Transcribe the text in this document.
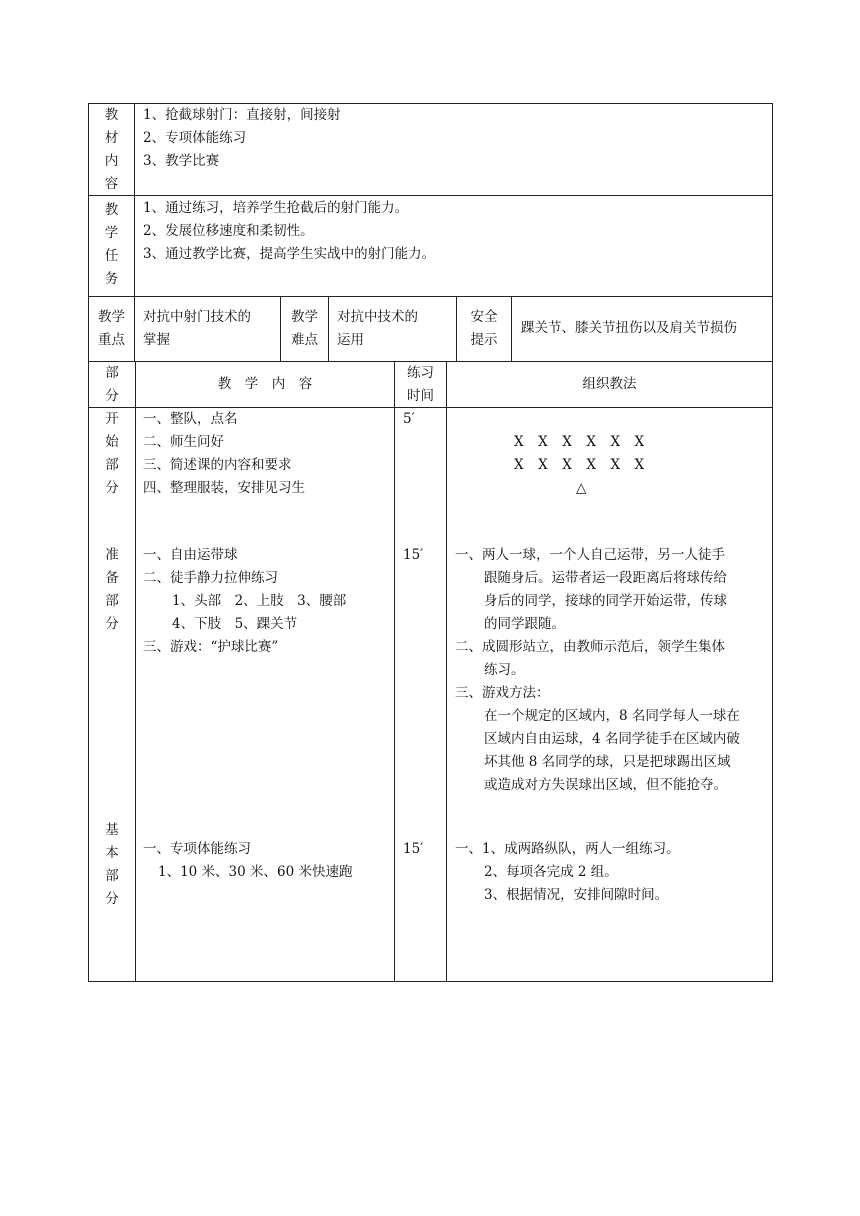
教
材
内
容
1、抢截球射门：直接射，间接射
2、专项体能练习
3、教学比赛
教
学
任
务
1、通过练习，培养学生抢截后的射门能力。
2、发展位移速度和柔韧性。
3、通过教学比赛，提高学生实战中的射门能力。
教学
重点
对抗中射门技术的
掌握
教学
难点
对抗中技术的
运用
安全
提示
踝关节、膝关节扭伤以及肩关节损伤
部
分
教　学　内　容
练习
时间
组织教法
开
始
部
分
一、整队，点名
二、师生问好
三、简述课的内容和要求
四、整理服装，安排见习生
5′
X　X　X　X　X　X
X　X　X　X　X　X
△
准
备
部
分
一、自由运带球
二、徒手静力拉伸练习
1、头部　2、上肢　3、腰部
4、下肢　5、踝关节
三、游戏：“护球比赛”
15′ 一、两人一球，一个人自己运带，另一人徒手
跟随身后。运带者运一段距离后将球传给
身后的同学，接球的同学开始运带，传球
的同学跟随。
二、成圆形站立，由教师示范后，领学生集体
练习。
三、游戏方法：
在一个规定的区域内，8 名同学每人一球在
区域内自由运球，4 名同学徒手在区域内破
坏其他 8 名同学的球，只是把球踢出区域
或造成对方失误球出区域，但不能抢夺。
基
本
部
分
一、专项体能练习
1、10 米、30 米、60 米快速跑
15′ 一、1、成两路纵队，两人一组练习。
2、每项各完成 2 组。
3、根据情况，安排间隙时间。
